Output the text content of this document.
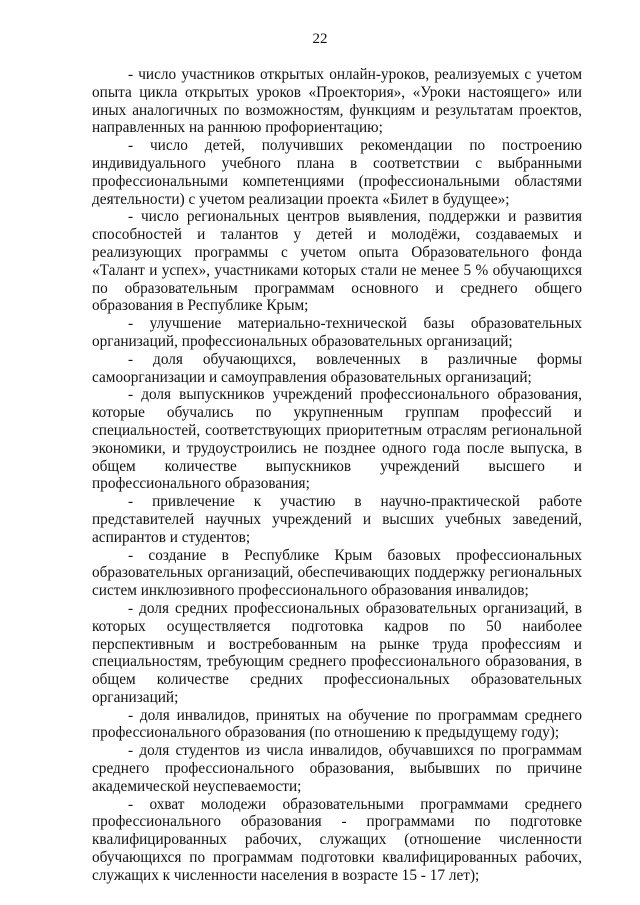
22

- число участников открытых онлайн-уроков, реализуемых с учетом опыта цикла открытых уроков «Проектория», «Уроки настоящего» или иных аналогичных по возможностям, функциям и результатам проектов, направленных на раннюю профориентацию;

- число детей, получивших рекомендации по построению индивидуального учебного плана в соответствии с выбранными профессиональными компетенциями (профессиональными областями деятельности) с учетом реализации проекта «Билет в будущее»;

- число региональных центров выявления, поддержки и развития способностей и талантов у детей и молодёжи, создаваемых и реализующих программы с учетом опыта Образовательного фонда «Талант и успех», участниками которых стали не менее 5 % обучающихся по образовательным программам основного и среднего общего образования в Республике Крым;

- улучшение материально-технической базы образовательных организаций, профессиональных образовательных организаций;

- доля обучающихся, вовлеченных в различные формы самоорганизации и самоуправления образовательных организаций;

- доля выпускников учреждений профессионального образования, которые обучались по укрупненным группам профессий и специальностей, соответствующих приоритетным отраслям региональной экономики, и трудоустроились не позднее одного года после выпуска, в общем количестве выпускников учреждений высшего и профессионального образования;

- привлечение к участию в научно-практической работе представителей научных учреждений и высших учебных заведений, аспирантов и студентов;

- создание в Республике Крым базовых профессиональных образовательных организаций, обеспечивающих поддержку региональных систем инклюзивного профессионального образования инвалидов;

- доля средних профессиональных образовательных организаций, в которых осуществляется подготовка кадров по 50 наиболее перспективным и востребованным на рынке труда профессиям и специальностям, требующим среднего профессионального образования, в общем количестве средних профессиональных образовательных организаций;

- доля инвалидов, принятых на обучение по программам среднего профессионального образования (по отношению к предыдущему году);

- доля студентов из числа инвалидов, обучавшихся по программам среднего профессионального образования, выбывших по причине академической неуспеваемости;

- охват молодежи образовательными программами среднего профессионального образования - программами по подготовке квалифицированных рабочих, служащих (отношение численности обучающихся по программам подготовки квалифицированных рабочих, служащих к численности населения в возрасте 15 - 17 лет);
